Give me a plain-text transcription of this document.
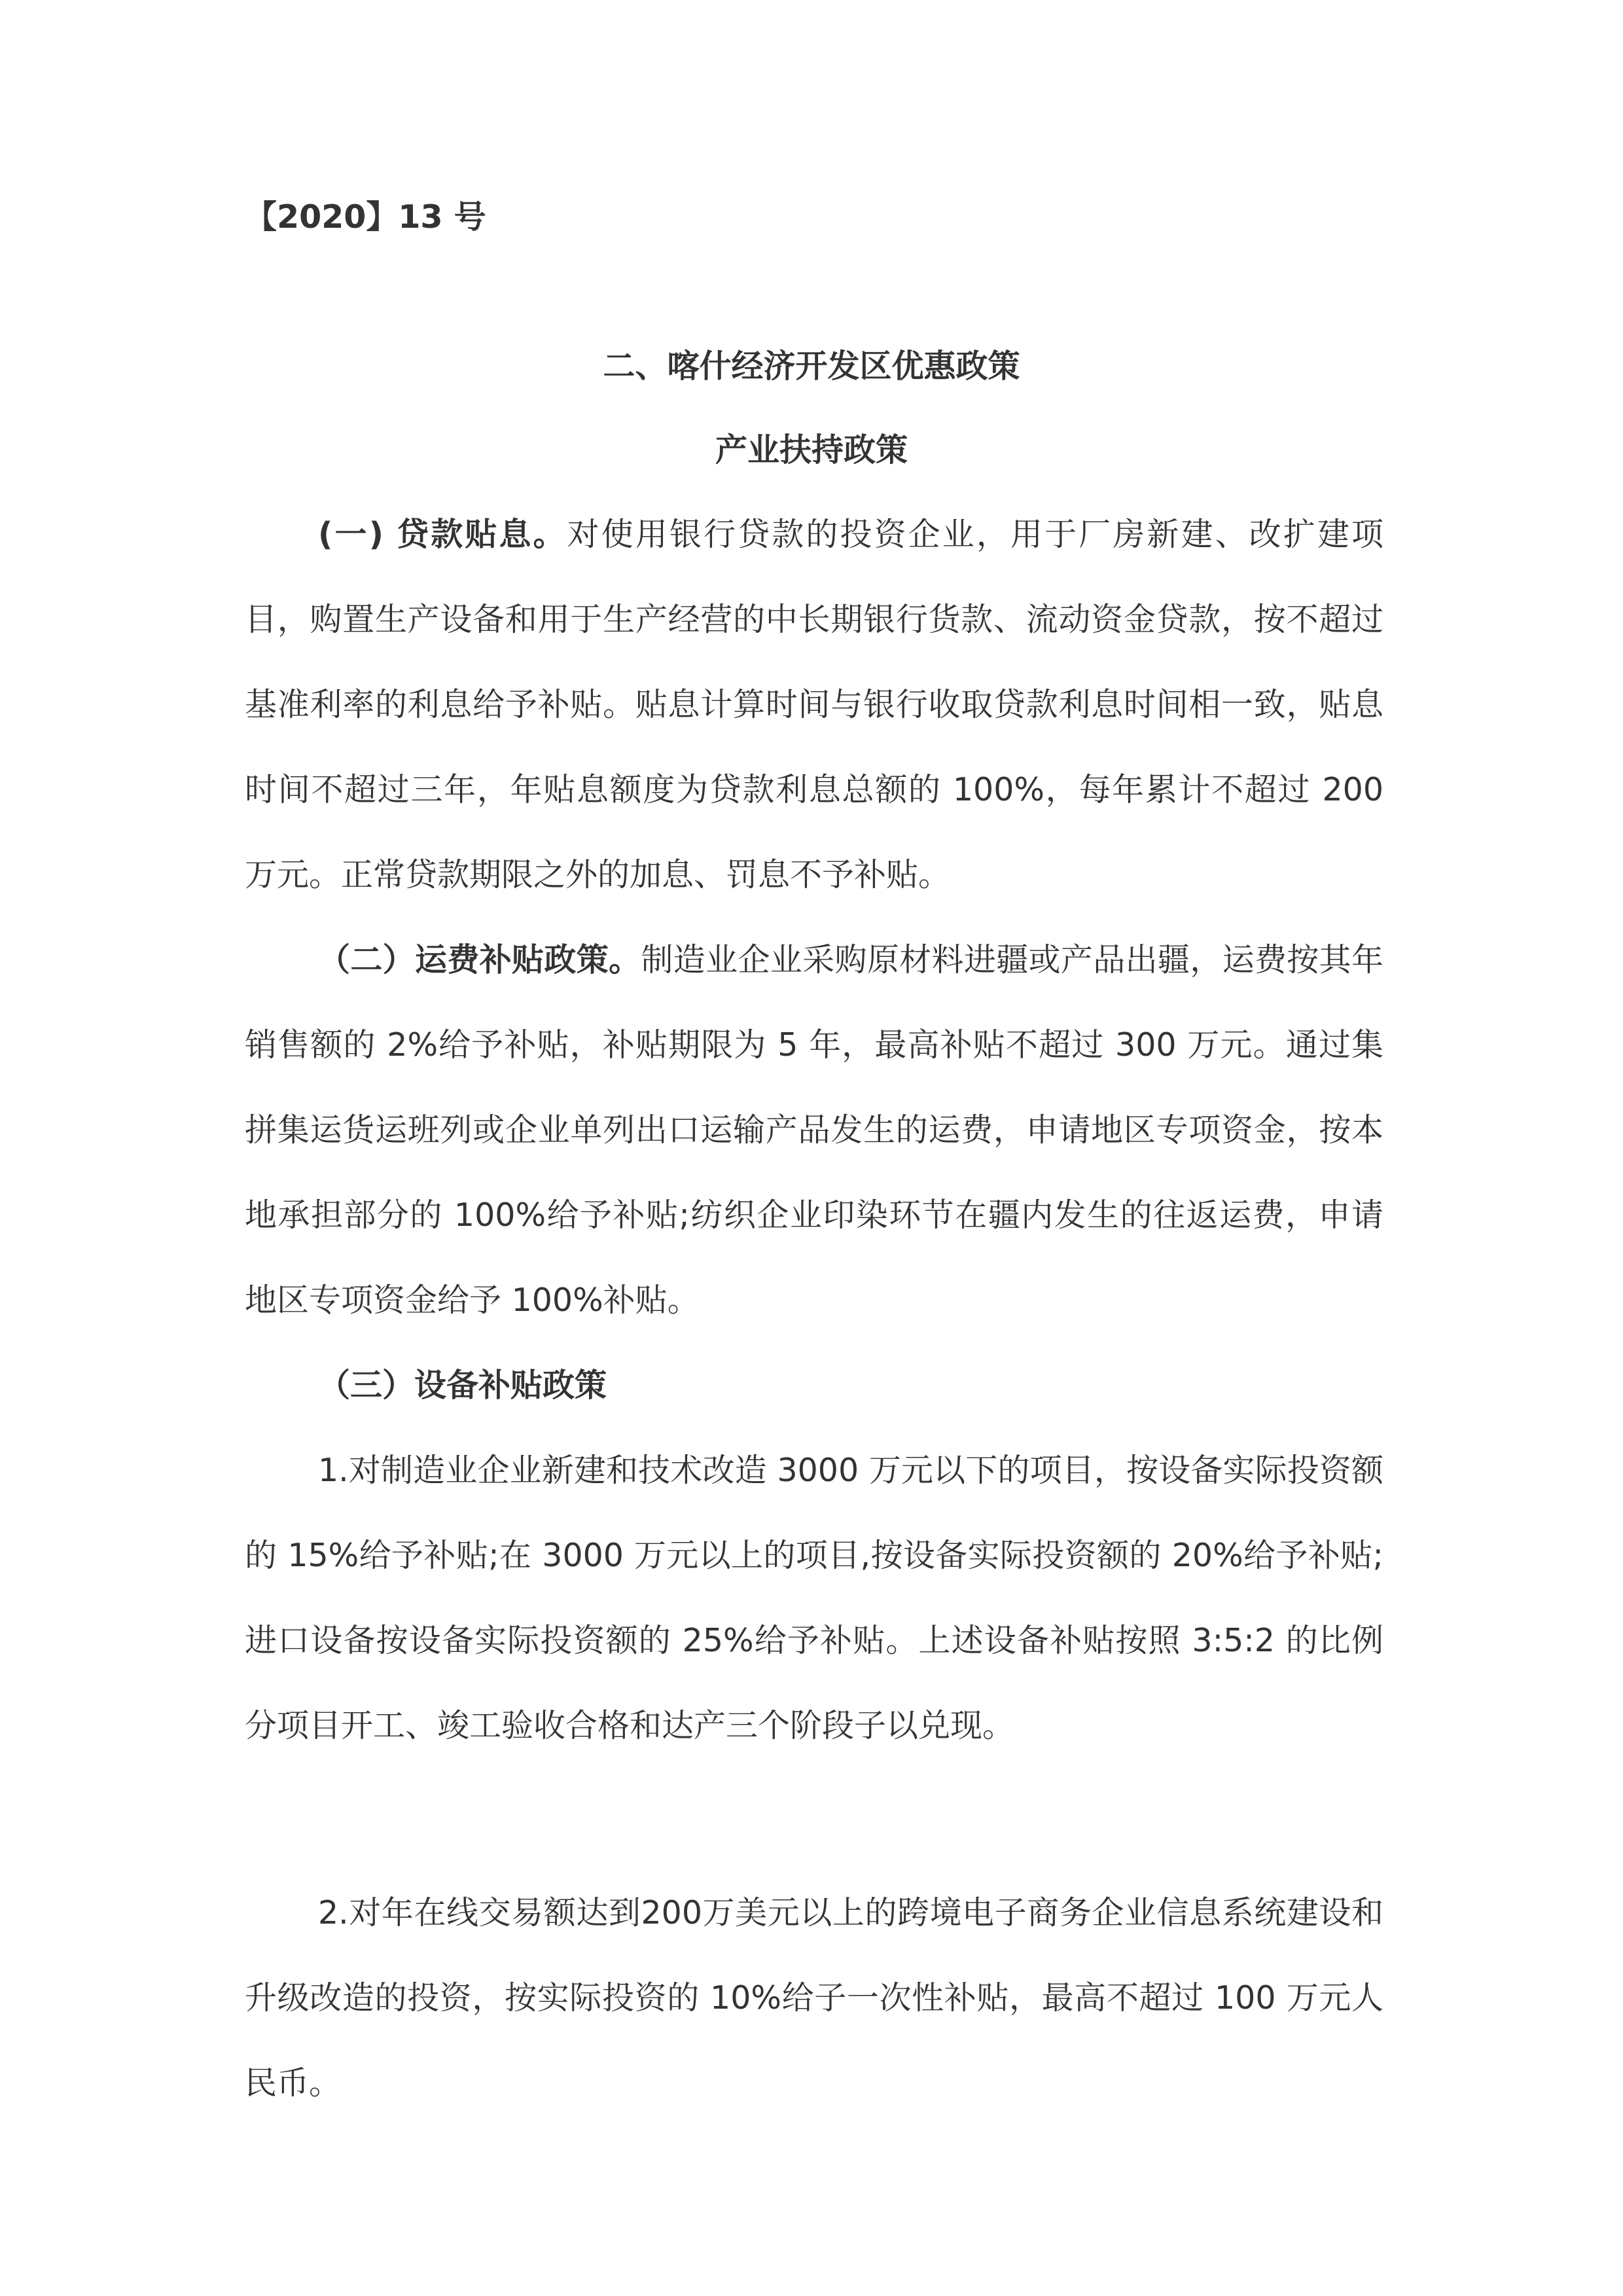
【2020】13 号
二、喀什经济开发区优惠政策
产业扶持政策
(一) 贷款贴息。对使用银行贷款的投资企业，用于厂房新建、改扩建项目，购置生产设备和用于生产经营的中长期银行货款、流动资金贷款，按不超过基准利率的利息给予补贴。贴息计算时间与银行收取贷款利息时间相一致，贴息时间不超过三年，年贴息额度为贷款利息总额的 100%，每年累计不超过 200 万元。正常贷款期限之外的加息、罚息不予补贴。
（二）运费补贴政策。制造业企业采购原材料进疆或产品出疆，运费按其年销售额的 2%给予补贴，补贴期限为 5 年，最高补贴不超过 300 万元。通过集拼集运货运班列或企业单列出口运输产品发生的运费，申请地区专项资金，按本地承担部分的 100%给予补贴;纺织企业印染环节在疆内发生的往返运费，申请地区专项资金给予 100%补贴。
（三）设备补贴政策
1.对制造业企业新建和技术改造 3000 万元以下的项目，按设备实际投资额的 15%给予补贴;在 3000 万元以上的项目,按设备实际投资额的 20%给予补贴;进口设备按设备实际投资额的 25%给予补贴。上述设备补贴按照 3:5:2 的比例分项目开工、竣工验收合格和达产三个阶段子以兑现。
2.对年在线交易额达到200万美元以上的跨境电子商务企业信息系统建设和升级改造的投资，按实际投资的 10%给子一次性补贴，最高不超过 100 万元人民币。
